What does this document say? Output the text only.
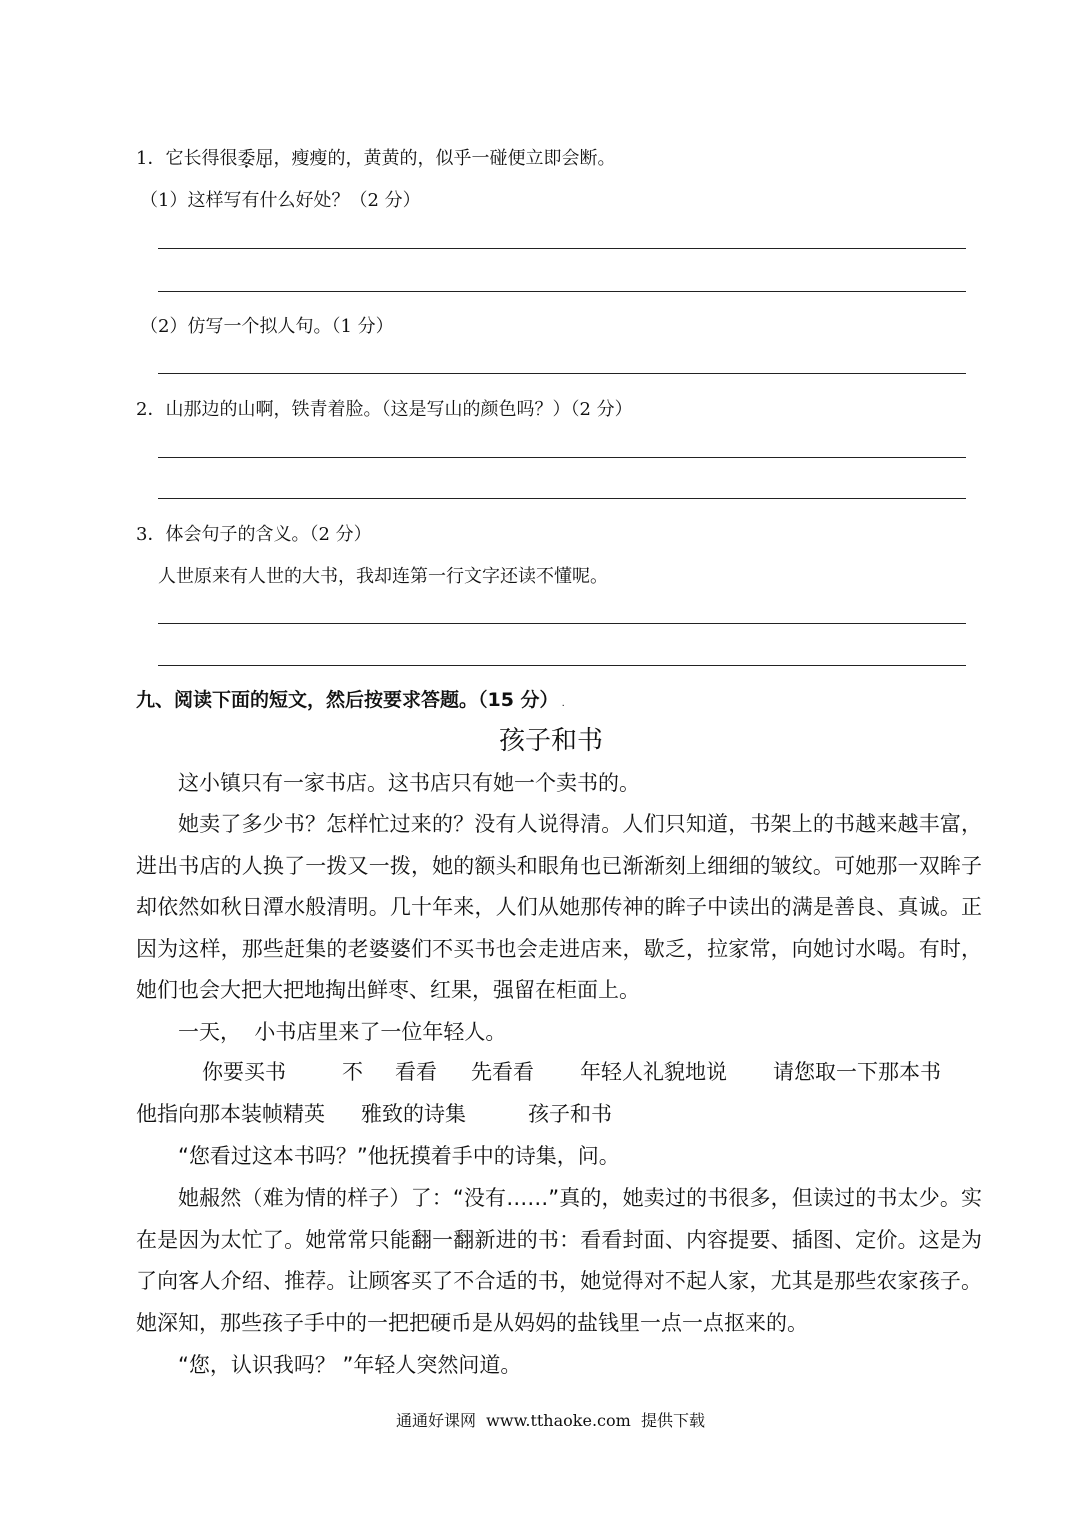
1．它长得很委屈，瘦瘦的，黄黄的，似乎一碰便立即会断。
（1）这样写有什么好处？（2 分）
（2）仿写一个拟人句。（1 分）
2．山那边的山啊，铁青着脸。（这是写山的颜色吗？）（2 分）
3．体会句子的含义。（2 分）
人世原来有人世的大书，我却连第一行文字还读不懂呢。
九、阅读下面的短文，然后按要求答题。（15 分） .
孩子和书
这小镇只有一家书店。这书店只有她一个卖书的。
她卖了多少书？怎样忙过来的？没有人说得清。人们只知道，书架上的书越来越丰富，进出书店的人换了一拨又一拨，她的额头和眼角也已渐渐刻上细细的皱纹。可她那一双眸子却依然如秋日潭水般清明。几十年来，人们从她那传神的眸子中读出的满是善良、真诚。正因为这样，那些赶集的老婆婆们不买书也会走进店来，歇乏，拉家常，向她讨水喝。有时，她们也会大把大把地掏出鲜枣、红果，强留在柜面上。
一天，  小书店里来了一位年轻人。
你要买书	不 看看 先看看 年轻人礼貌地说 请您取一下那本书
他指向那本装帧精英 雅致的诗集	孩子和书
“您看过这本书吗？”他抚摸着手中的诗集，问。
她赧然（难为情的样子）了：“没有……”真的，她卖过的书很多，但读过的书太少。实在是因为太忙了。她常常只能翻一翻新进的书：看看封面、内容提要、插图、定价。这是为了向客人介绍、推荐。让顾客买了不合适的书，她觉得对不起人家，尤其是那些农家孩子。她深知，那些孩子手中的一把把硬币是从妈妈的盐钱里一点一点抠来的。
“您，认识我吗？ ”年轻人突然问道。
通通好课网  www.tthaoke.com  提供下载
